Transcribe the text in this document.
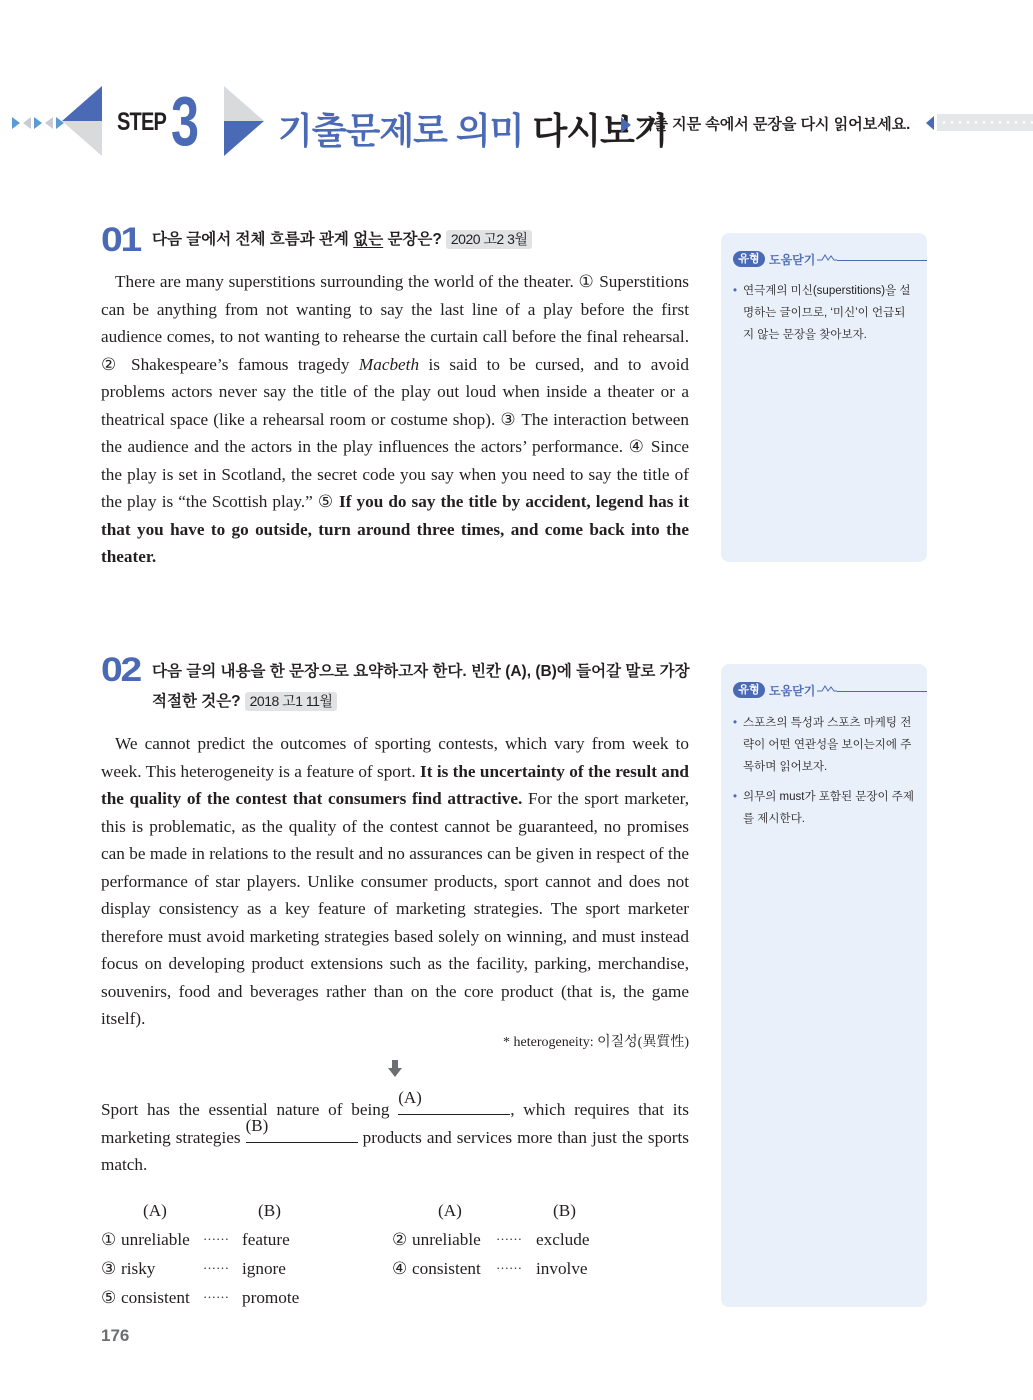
STEP 3 기출문제로 의미 다시보기
기출 지문 속에서 문장을 다시 읽어보세요.
01 다음 글에서 전체 흐름과 관계 없는 문장은? 2020 고2 3월
There are many superstitions surrounding the world of the theater. ① Superstitions can be anything from not wanting to say the last line of a play before the first audience comes, to not wanting to rehearse the curtain call before the final rehearsal. ② Shakespeare’s famous tragedy Macbeth is said to be cursed, and to avoid problems actors never say the title of the play out loud when inside a theater or a theatrical space (like a rehearsal room or costume shop). ③ The interaction between the audience and the actors in the play influences the actors’ performance. ④ Since the play is set in Scotland, the secret code you say when you need to say the title of the play is “the Scottish play.” ⑤ If you do say the title by accident, legend has it that you have to go outside, turn around three times, and come back into the theater.
유형 도움닫기
• 연극계의 미신(superstitions)을 설명하는 글이므로, ‘미신’이 언급되지 않는 문장을 찾아보자.
02 다음 글의 내용을 한 문장으로 요약하고자 한다. 빈칸 (A), (B)에 들어갈 말로 가장 적절한 것은? 2018 고1 11월
We cannot predict the outcomes of sporting contests, which vary from week to week. This heterogeneity is a feature of sport. It is the uncertainty of the result and the quality of the contest that consumers find attractive. For the sport marketer, this is problematic, as the quality of the contest cannot be guaranteed, no promises can be made in relations to the result and no assurances can be given in respect of the performance of star players. Unlike consumer products, sport cannot and does not display consistency as a key feature of marketing strategies. The sport marketer therefore must avoid marketing strategies based solely on winning, and must instead focus on developing product extensions such as the facility, parking, merchandise, souvenirs, food and beverages rather than on the core product (that is, the game itself).
* heterogeneity: 이질성(異質性)
Sport has the essential nature of being
(A)
, which requires that its marketing strategies
(B)
products and services more than just the sports match.
(A)	(B)	(A)	(B)
① unreliable …… feature	② unreliable …… exclude
③ risky	…… ignore	④ consistent …… involve
⑤ consistent …… promote
유형 도움닫기
• 스포츠의 특성과 스포츠 마케팅 전략이 어떤 연관성을 보이는지에 주목하며 읽어보자.
• 의무의 must가 포함된 문장이 주제를 제시한다.
176
